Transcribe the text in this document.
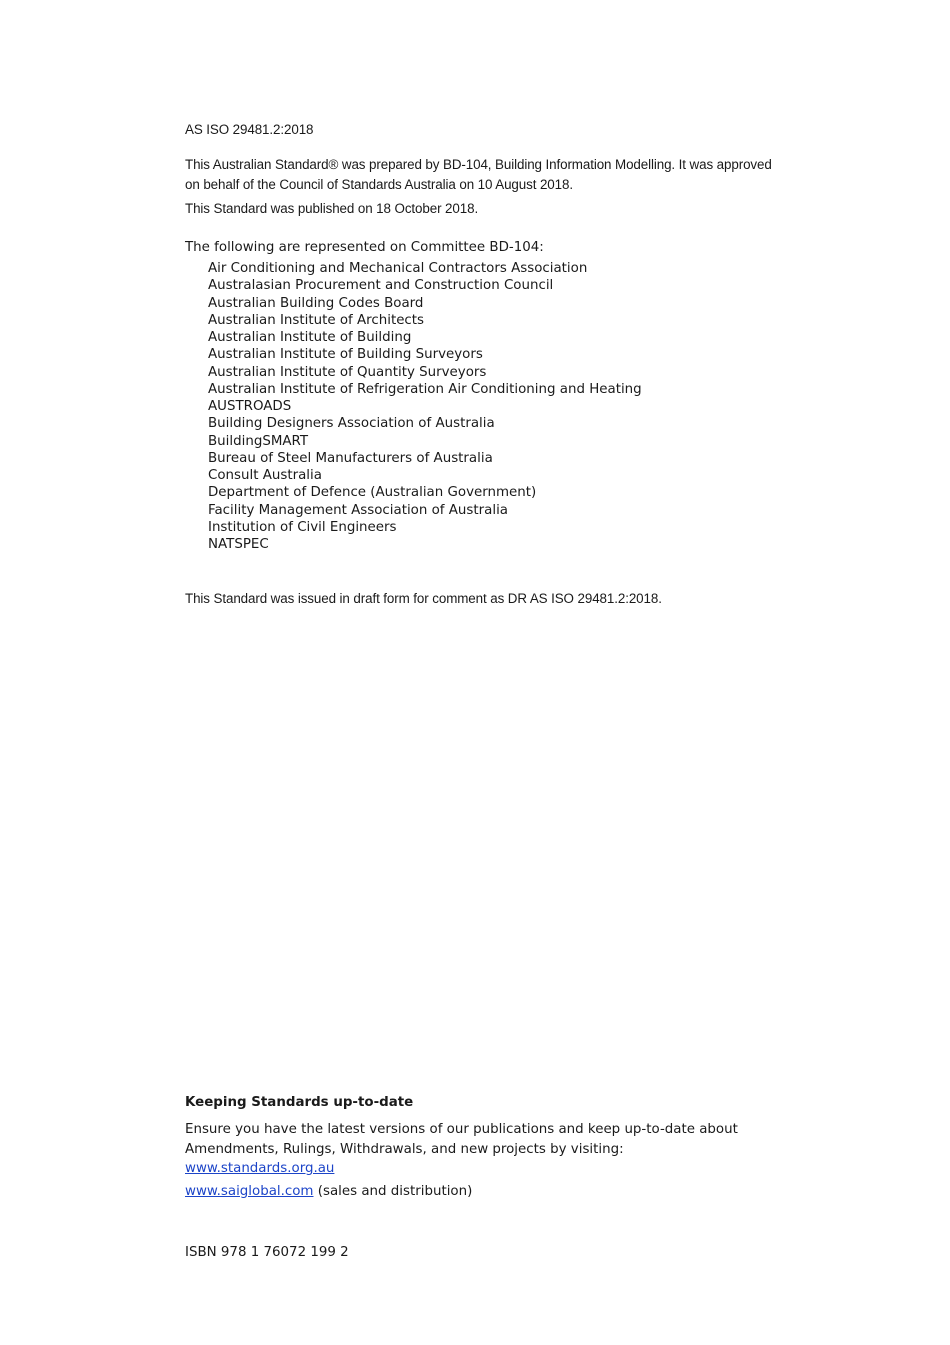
AS ISO 29481.2:2018
This Australian Standard® was prepared by BD-104, Building Information Modelling. It was approved on behalf of the Council of Standards Australia on 10 August 2018.
This Standard was published on 18 October 2018.
The following are represented on Committee BD-104:
Air Conditioning and Mechanical Contractors Association
Australasian Procurement and Construction Council
Australian Building Codes Board
Australian Institute of Architects
Australian Institute of Building
Australian Institute of Building Surveyors
Australian Institute of Quantity Surveyors
Australian Institute of Refrigeration Air Conditioning and Heating
AUSTROADS
Building Designers Association of Australia
BuildingSMART
Bureau of Steel Manufacturers of Australia
Consult Australia
Department of Defence (Australian Government)
Facility Management Association of Australia
Institution of Civil Engineers
NATSPEC
This Standard was issued in draft form for comment as DR AS ISO 29481.2:2018.
Keeping Standards up-to-date
Ensure you have the latest versions of our publications and keep up-to-date about Amendments, Rulings, Withdrawals, and new projects by visiting:
www.standards.org.au
www.saiglobal.com (sales and distribution)
ISBN 978 1 76072 199 2
